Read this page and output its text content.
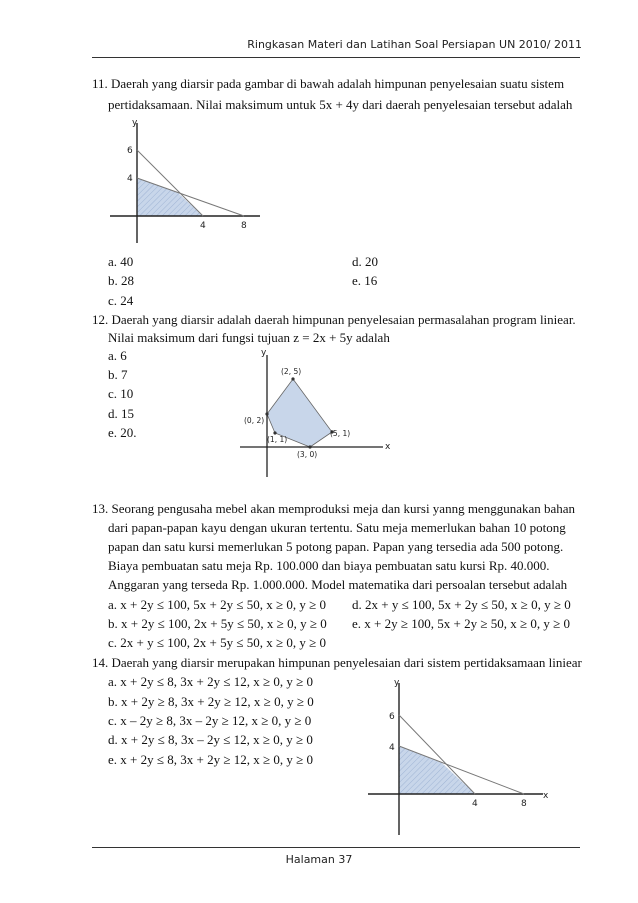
Ringkasan Materi dan Latihan Soal Persiapan UN 2010/ 2011
11. Daerah yang diarsir pada gambar di bawah adalah himpunan penyelesaian suatu sistem
pertidaksamaan. Nilai maksimum untuk 5x + 4y dari daerah penyelesaian tersebut adalah
y
6
4
4	8
a. 40
b. 28
c. 24
d. 20
e. 16
12. Daerah yang diarsir adalah daerah himpunan penyelesaian permasalahan program liniear.
Nilai maksimum dari fungsi tujuan z = 2x + 5y adalah
a. 6
b. 7
c. 10
d. 15
e. 20.
y
x
(2, 5)
(0, 2)
(1, 1)
(5, 1)
(3, 0)
13. Seorang pengusaha mebel akan memproduksi meja dan kursi yanng menggunakan bahan
dari papan-papan kayu dengan ukuran tertentu. Satu meja memerlukan bahan 10 potong
papan dan satu kursi memerlukan 5 potong papan. Papan yang tersedia ada 500 potong.
Biaya pembuatan satu meja Rp. 100.000 dan biaya pembuatan satu kursi Rp. 40.000.
Anggaran yang terseda Rp. 1.000.000. Model matematika dari persoalan tersebut adalah
a. x + 2y ≤ 100, 5x + 2y ≤ 50, x ≥ 0, y ≥ 0
b. x + 2y ≤ 100, 2x + 5y ≤ 50, x ≥ 0, y ≥ 0
c. 2x + y ≤ 100, 2x + 5y ≤ 50, x ≥ 0, y ≥ 0
d. 2x + y ≤ 100, 5x + 2y ≤ 50, x ≥ 0, y ≥ 0
e. x + 2y ≥ 100, 5x + 2y ≥ 50, x ≥ 0, y ≥ 0
14. Daerah yang diarsir merupakan himpunan penyelesaian dari sistem pertidaksamaan liniear
a. x + 2y ≤ 8, 3x + 2y ≤ 12, x ≥ 0, y ≥ 0
b. x + 2y ≥ 8, 3x + 2y ≥ 12, x ≥ 0, y ≥ 0
c. x – 2y ≥ 8, 3x – 2y ≥ 12, x ≥ 0, y ≥ 0
d. x + 2y ≤ 8, 3x – 2y ≤ 12, x ≥ 0, y ≥ 0
e. x + 2y ≤ 8, 3x + 2y ≥ 12, x ≥ 0, y ≥ 0
y
x
6
4
4	8
Halaman 37
